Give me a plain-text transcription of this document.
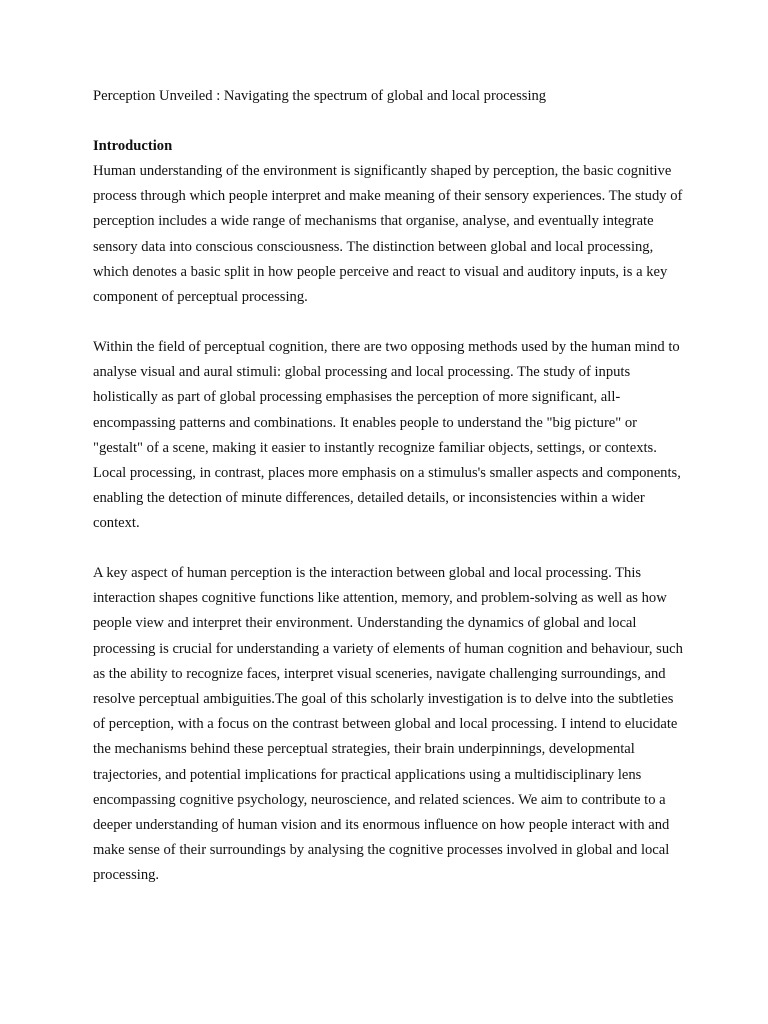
Perception Unveiled : Navigating the spectrum of global and local processing
Introduction

Human understanding of the environment is significantly shaped by perception, the basic cognitive process through which people interpret and make meaning of their sensory experiences. The study of perception includes a wide range of mechanisms that organise, analyse, and eventually integrate sensory data into conscious consciousness. The distinction between global and local processing, which denotes a basic split in how people perceive and react to visual and auditory inputs, is a key component of perceptual processing.

Within the field of perceptual cognition, there are two opposing methods used by the human mind to analyse visual and aural stimuli: global processing and local processing. The study of inputs holistically as part of global processing emphasises the perception of more significant, all-encompassing patterns and combinations. It enables people to understand the "big picture" or "gestalt" of a scene, making it easier to instantly recognize familiar objects, settings, or contexts. Local processing, in contrast, places more emphasis on a stimulus's smaller aspects and components, enabling the detection of minute differences, detailed details, or inconsistencies within a wider context.

A key aspect of human perception is the interaction between global and local processing. This interaction shapes cognitive functions like attention, memory, and problem-solving as well as how people view and interpret their environment. Understanding the dynamics of global and local processing is crucial for understanding a variety of elements of human cognition and behaviour, such as the ability to recognize faces, interpret visual sceneries, navigate challenging surroundings, and resolve perceptual ambiguities.The goal of this scholarly investigation is to delve into the subtleties of perception, with a focus on the contrast between global and local processing. I intend to elucidate the mechanisms behind these perceptual strategies, their brain underpinnings, developmental trajectories, and potential implications for practical applications using a multidisciplinary lens encompassing cognitive psychology, neuroscience, and related sciences. We aim to contribute to a deeper understanding of human vision and its enormous influence on how people interact with and make sense of their surroundings by analysing the cognitive processes involved in global and local processing.
